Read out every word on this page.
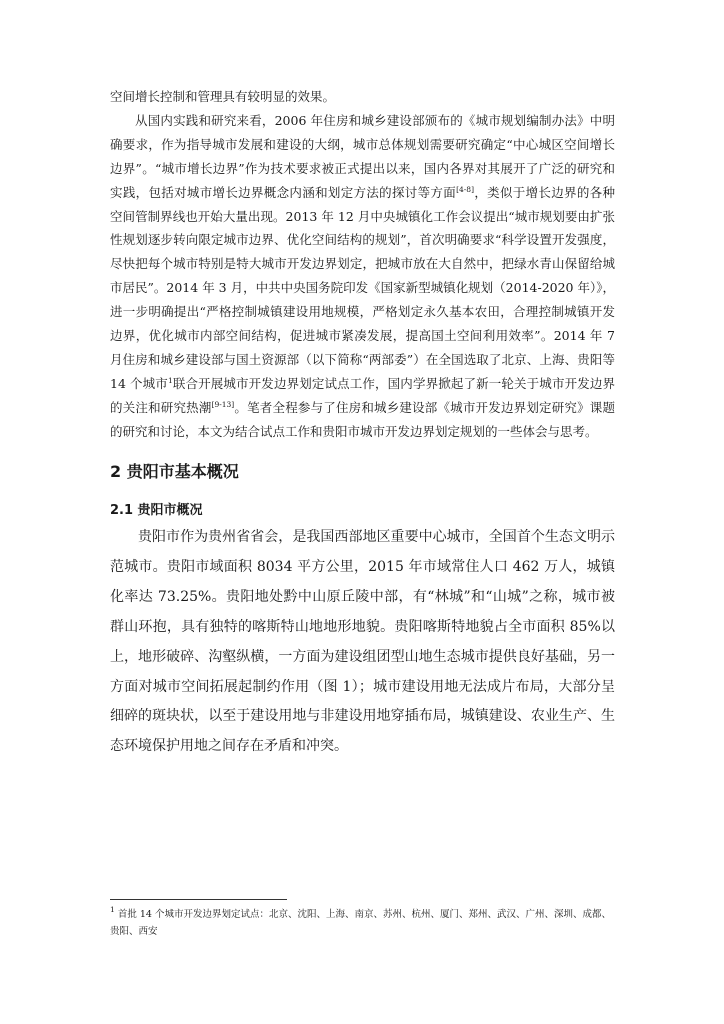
空间增长控制和管理具有较明显的效果。

从国内实践和研究来看，2006 年住房和城乡建设部颁布的《城市规划编制办法》中明确要求，作为指导城市发展和建设的大纲，城市总体规划需要研究确定“中心城区空间增长边界”。“城市增长边界”作为技术要求被正式提出以来，国内各界对其展开了广泛的研究和实践，包括对城市增长边界概念内涵和划定方法的探讨等方面[4-8]，类似于增长边界的各种空间管制界线也开始大量出现。2013 年 12 月中央城镇化工作会议提出“城市规划要由扩张性规划逐步转向限定城市边界、优化空间结构的规划”，首次明确要求“科学设置开发强度，尽快把每个城市特别是特大城市开发边界划定，把城市放在大自然中，把绿水青山保留给城市居民”。2014 年 3 月，中共中央国务院印发《国家新型城镇化规划（2014-2020 年）》，进一步明确提出“严格控制城镇建设用地规模，严格划定永久基本农田，合理控制城镇开发边界，优化城市内部空间结构，促进城市紧凑发展，提高国土空间利用效率”。2014 年 7 月住房和城乡建设部与国土资源部（以下简称“两部委”）在全国选取了北京、上海、贵阳等 14 个城市$^1$联合开展城市开发边界划定试点工作，国内学界掀起了新一轮关于城市开发边界的关注和研究热潮[9-13]。笔者全程参与了住房和城乡建设部《城市开发边界划定研究》课题的研究和讨论，本文为结合试点工作和贵阳市城市开发边界划定规划的一些体会与思考。

2 贵阳市基本概况
2.1 贵阳市概况

贵阳市作为贵州省省会，是我国西部地区重要中心城市，全国首个生态文明示范城市。贵阳市域面积 8034 平方公里，2015 年市域常住人口 462 万人，城镇化率达 73.25%。贵阳地处黔中山原丘陵中部，有“林城”和“山城”之称，城市被群山环抱，具有独特的喀斯特山地地形地貌。贵阳喀斯特地貌占全市面积 85%以上，地形破碎、沟壑纵横，一方面为建设组团型山地生态城市提供良好基础，另一方面对城市空间拓展起制约作用（图 1）；城市建设用地无法成片布局，大部分呈细碎的斑块状，以至于建设用地与非建设用地穿插布局，城镇建设、农业生产、生态环境保护用地之间存在矛盾和冲突。

$^1$ 首批 14 个城市开发边界划定试点：北京、沈阳、上海、南京、苏州、杭州、厦门、郑州、武汉、广州、深圳、成都、贵阳、西安
